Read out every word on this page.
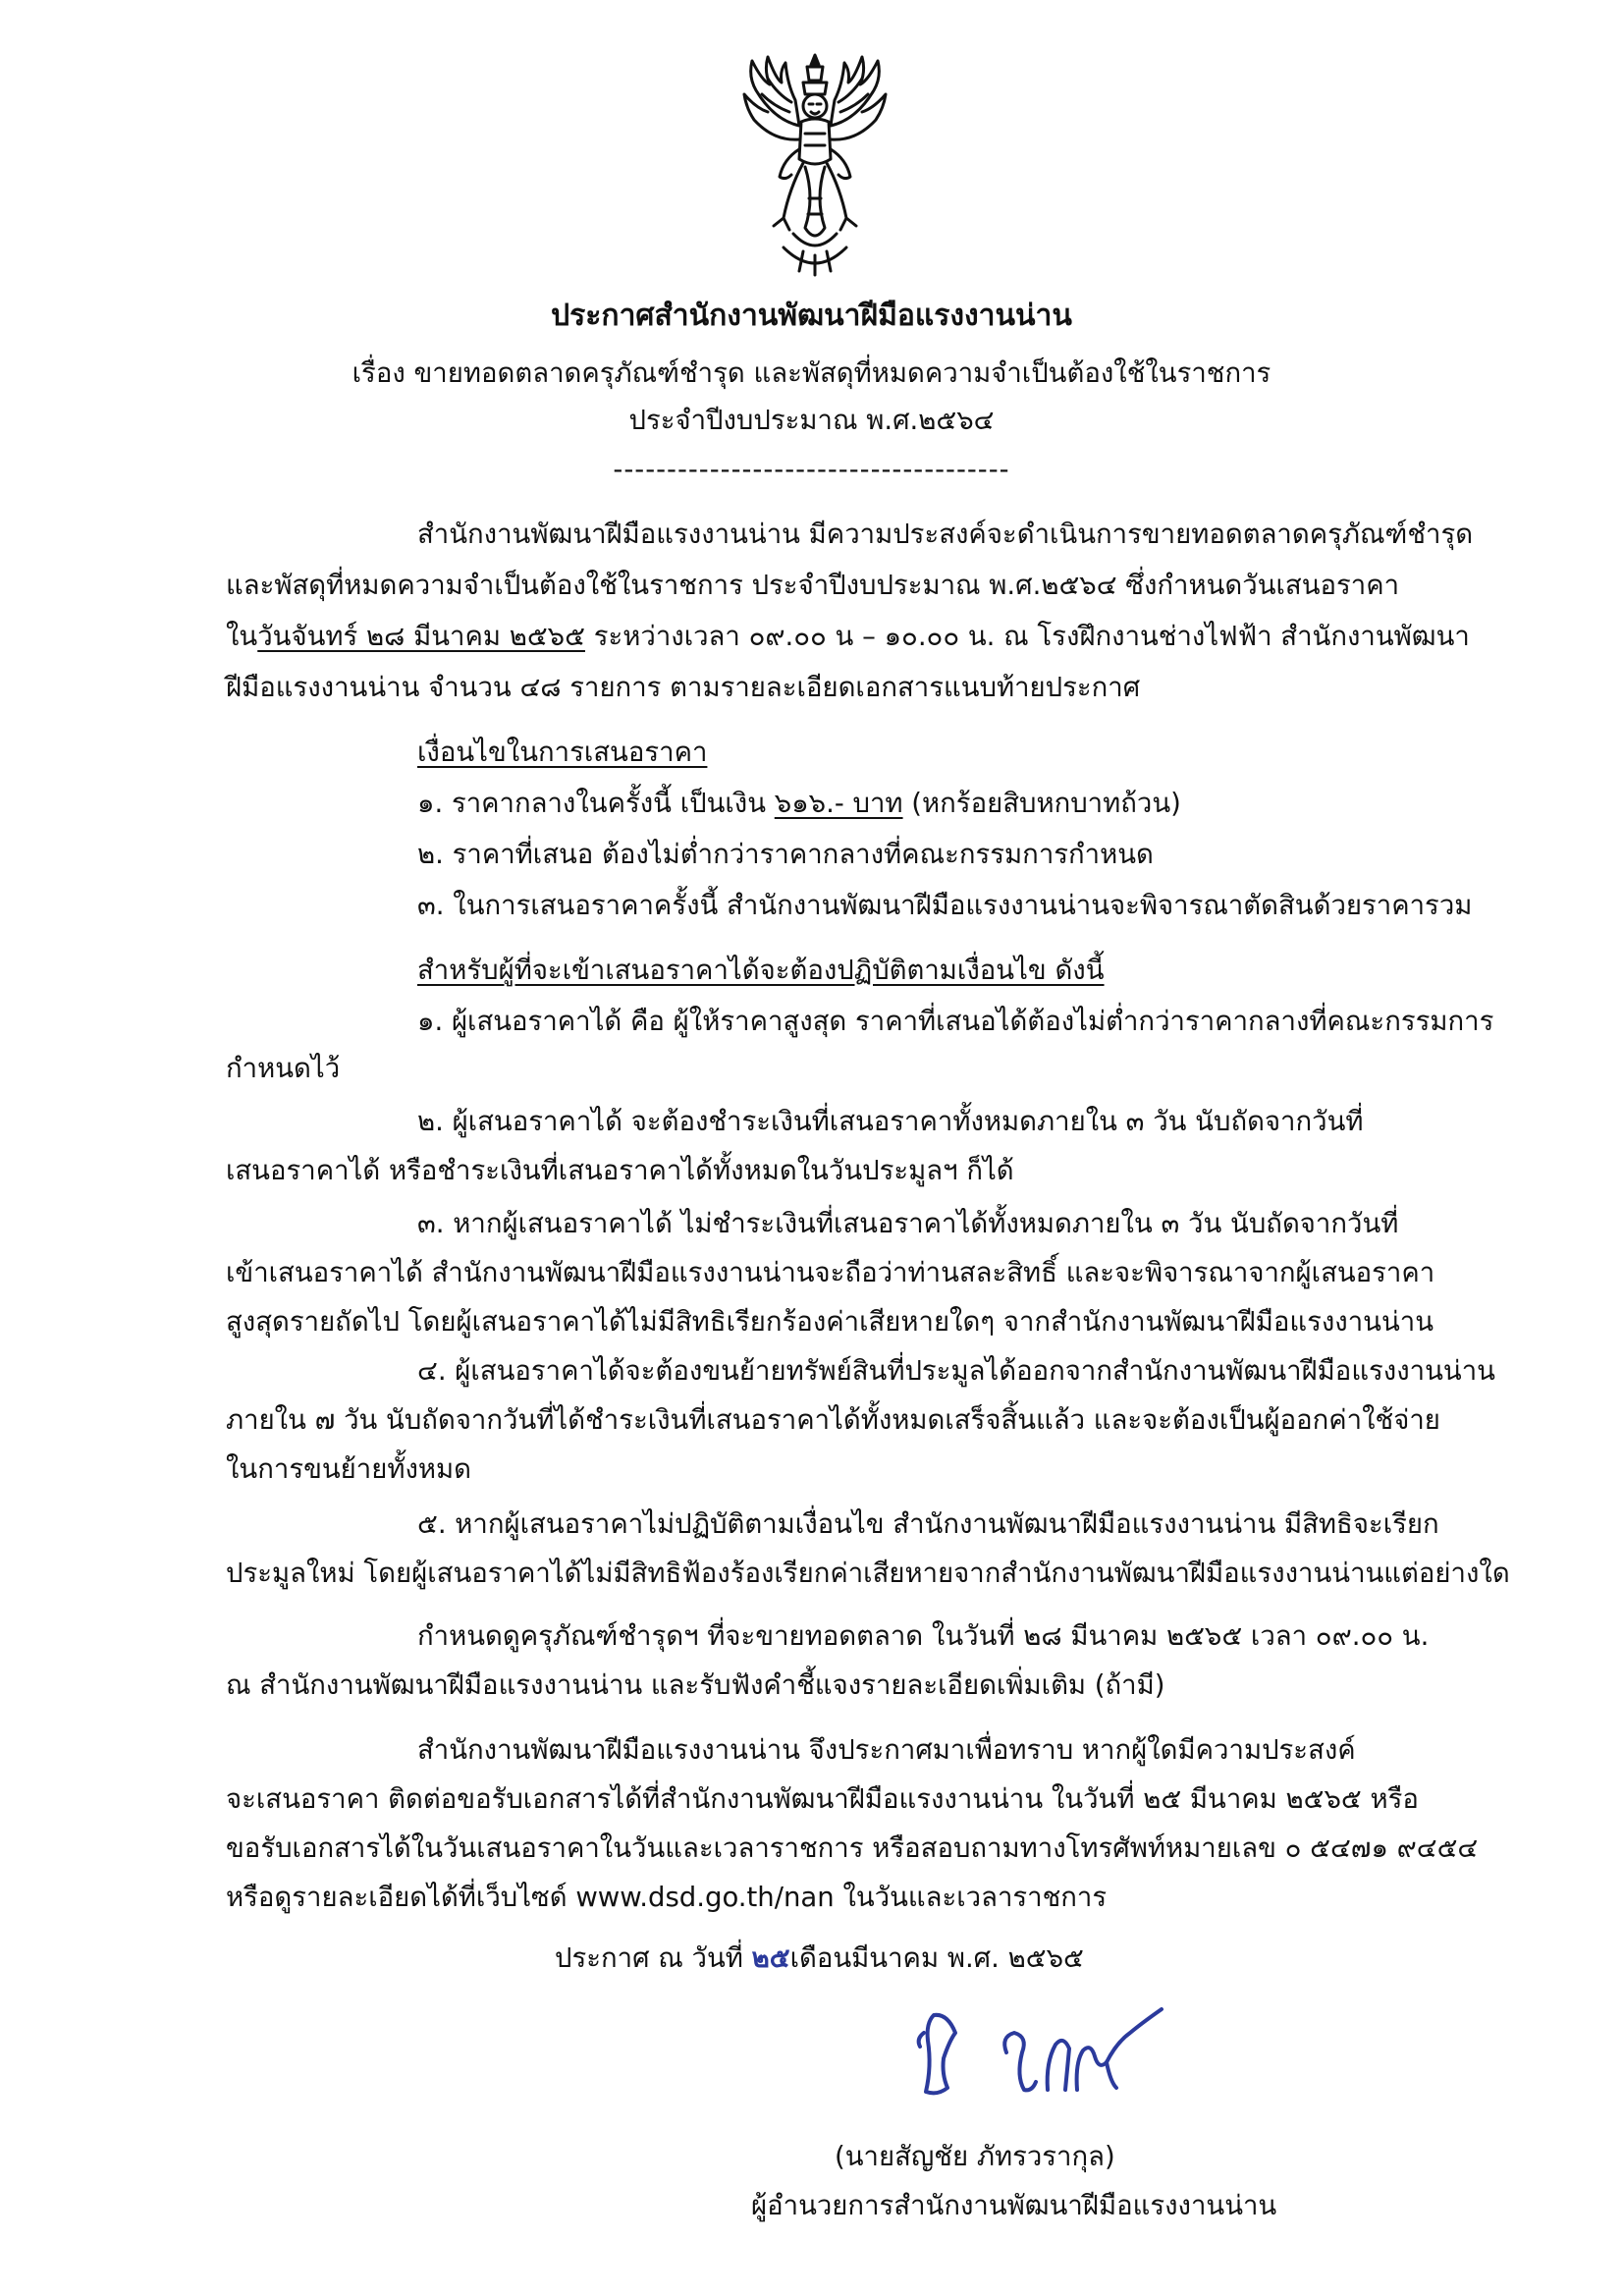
ประกาศสำนักงานพัฒนาฝีมือแรงงานน่าน
เรื่อง ขายทอดตลาดครุภัณฑ์ชำรุด และพัสดุที่หมดความจำเป็นต้องใช้ในราชการ
ประจำปีงบประมาณ พ.ศ.๒๕๖๔
-------------------------------------
สำนักงานพัฒนาฝีมือแรงงานน่าน มีความประสงค์จะดำเนินการขายทอดตลาดครุภัณฑ์ชำรุด
และพัสดุที่หมดความจำเป็นต้องใช้ในราชการ ประจำปีงบประมาณ พ.ศ.๒๕๖๔ ซึ่งกำหนดวันเสนอราคา
ในวันจันทร์ ๒๘ มีนาคม ๒๕๖๕ ระหว่างเวลา ๐๙.๐๐ น – ๑๐.๐๐ น. ณ โรงฝึกงานช่างไฟฟ้า สำนักงานพัฒนา
ฝีมือแรงงานน่าน จำนวน ๔๘ รายการ ตามรายละเอียดเอกสารแนบท้ายประกาศ
เงื่อนไขในการเสนอราคา
๑. ราคากลางในครั้งนี้ เป็นเงิน ๖๑๖.- บาท (หกร้อยสิบหกบาทถ้วน)
๒. ราคาที่เสนอ ต้องไม่ต่ำกว่าราคากลางที่คณะกรรมการกำหนด
๓. ในการเสนอราคาครั้งนี้ สำนักงานพัฒนาฝีมือแรงงานน่านจะพิจารณาตัดสินด้วยราคารวม
สำหรับผู้ที่จะเข้าเสนอราคาได้จะต้องปฏิบัติตามเงื่อนไข ดังนี้
๑. ผู้เสนอราคาได้ คือ ผู้ให้ราคาสูงสุด ราคาที่เสนอได้ต้องไม่ต่ำกว่าราคากลางที่คณะกรรมการ
กำหนดไว้
๒. ผู้เสนอราคาได้ จะต้องชำระเงินที่เสนอราคาทั้งหมดภายใน ๓ วัน นับถัดจากวันที่
เสนอราคาได้ หรือชำระเงินที่เสนอราคาได้ทั้งหมดในวันประมูลฯ ก็ได้
๓. หากผู้เสนอราคาได้ ไม่ชำระเงินที่เสนอราคาได้ทั้งหมดภายใน ๓ วัน นับถัดจากวันที่
เข้าเสนอราคาได้ สำนักงานพัฒนาฝีมือแรงงานน่านจะถือว่าท่านสละสิทธิ์ และจะพิจารณาจากผู้เสนอราคา
สูงสุดรายถัดไป โดยผู้เสนอราคาได้ไม่มีสิทธิเรียกร้องค่าเสียหายใดๆ จากสำนักงานพัฒนาฝีมือแรงงานน่าน
๔. ผู้เสนอราคาได้จะต้องขนย้ายทรัพย์สินที่ประมูลได้ออกจากสำนักงานพัฒนาฝีมือแรงงานน่าน
ภายใน ๗ วัน นับถัดจากวันที่ได้ชำระเงินที่เสนอราคาได้ทั้งหมดเสร็จสิ้นแล้ว และจะต้องเป็นผู้ออกค่าใช้จ่าย
ในการขนย้ายทั้งหมด
๕. หากผู้เสนอราคาไม่ปฏิบัติตามเงื่อนไข สำนักงานพัฒนาฝีมือแรงงานน่าน มีสิทธิจะเรียก
ประมูลใหม่ โดยผู้เสนอราคาได้ไม่มีสิทธิฟ้องร้องเรียกค่าเสียหายจากสำนักงานพัฒนาฝีมือแรงงานน่านแต่อย่างใด
กำหนดดูครุภัณฑ์ชำรุดฯ ที่จะขายทอดตลาด ในวันที่ ๒๘ มีนาคม ๒๕๖๕ เวลา ๐๙.๐๐ น.
ณ สำนักงานพัฒนาฝีมือแรงงานน่าน และรับฟังคำชี้แจงรายละเอียดเพิ่มเติม (ถ้ามี)
สำนักงานพัฒนาฝีมือแรงงานน่าน จึงประกาศมาเพื่อทราบ หากผู้ใดมีความประสงค์
จะเสนอราคา ติดต่อขอรับเอกสารได้ที่สำนักงานพัฒนาฝีมือแรงงานน่าน ในวันที่ ๒๕ มีนาคม ๒๕๖๕ หรือ
ขอรับเอกสารได้ในวันเสนอราคาในวันและเวลาราชการ หรือสอบถามทางโทรศัพท์หมายเลข ๐ ๕๔๗๑ ๙๔๕๔
หรือดูรายละเอียดได้ที่เว็บไซด์ www.dsd.go.th/nan ในวันและเวลาราชการ
ประกาศ ณ วันที่ ๒๕เดือนมีนาคม พ.ศ. ๒๕๖๕
(นายสัญชัย ภัทรวรากุล)
ผู้อำนวยการสำนักงานพัฒนาฝีมือแรงงานน่าน
